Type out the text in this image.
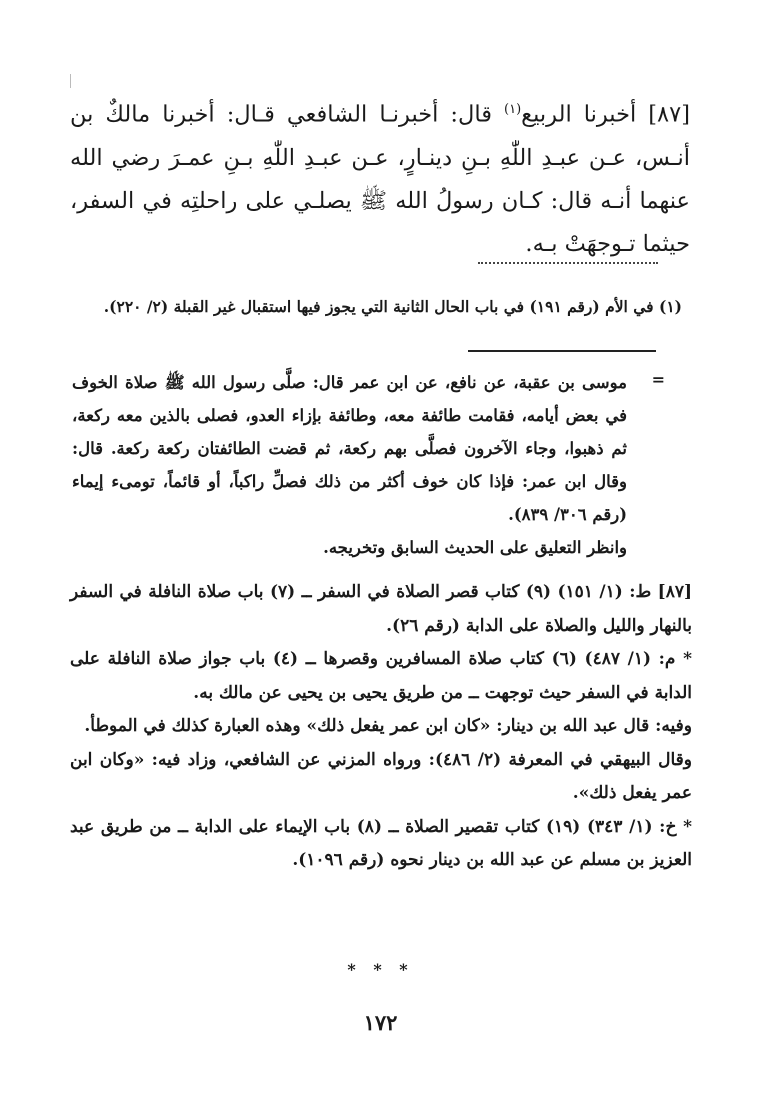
[٨٧] أخبرنا الربيع$^{(١)}$ قال: أخبرنـا الشافعي قـال: أخبرنا مالكٌ بن أنـس، عـن عبـدِ اللّٰهِ بـنِ دينـارٍ، عـن عبـدِ اللّٰهِ بـنِ عمـرَ رضي الله عنهما أنـه قال: كـان رسولُ الله ﷺ يصلـي على راحلتِه في السفر، حيثما تـوجهَتْ بـه.
(١) في الأم (رقم ١٩١) في باب الحال الثانية التي يجوز فيها استقبال غير القبلة (٢/ ٢٢٠).
=
موسى بن عقبة، عن نافع، عن ابن عمر قال: صلَّى رسول الله ﷺ صلاة الخوف في بعض أيامه، فقامت طائفة معه، وطائفة بإزاء العدو، فصلى بالذين معه ركعة، ثم ذهبوا، وجاء الآخرون فصلَّى بهم ركعة، ثم قضت الطائفتان ركعة ركعة. قال: وقال ابن عمر: فإذا كان خوف أكثر من ذلك فصلِّ راكباً، أو قائماً، تومىء إيماء (رقم ٣٠٦/ ٨٣٩).
وانظر التعليق على الحديث السابق وتخريجه.

[٨٧] ط: (١/ ١٥١) (٩) كتاب قصر الصلاة في السفر ــ (٧) باب صلاة النافلة في السفر بالنهار والليل والصلاة على الدابة (رقم ٢٦).

* م: (١/ ٤٨٧) (٦) كتاب صلاة المسافرين وقصرها ــ (٤) باب جواز صلاة النافلة على الدابة في السفر حيث توجهت ــ من طريق يحيى بن يحيى عن مالك به.

وفيه: قال عبد الله بن دينار: «كان ابن عمر يفعل ذلك» وهذه العبارة كذلك في الموطأ.

وقال البيهقي في المعرفة (٢/ ٤٨٦): ورواه المزني عن الشافعي، وزاد فيه: «وكان ابن عمر يفعل ذلك».

* خ: (١/ ٣٤٣) (١٩) كتاب تقصير الصلاة ــ (٨) باب الإيماء على الدابة ــ من طريق عبد العزيز بن مسلم عن عبد الله بن دينار نحوه (رقم ١٠٩٦).

* * *
١٧٢
